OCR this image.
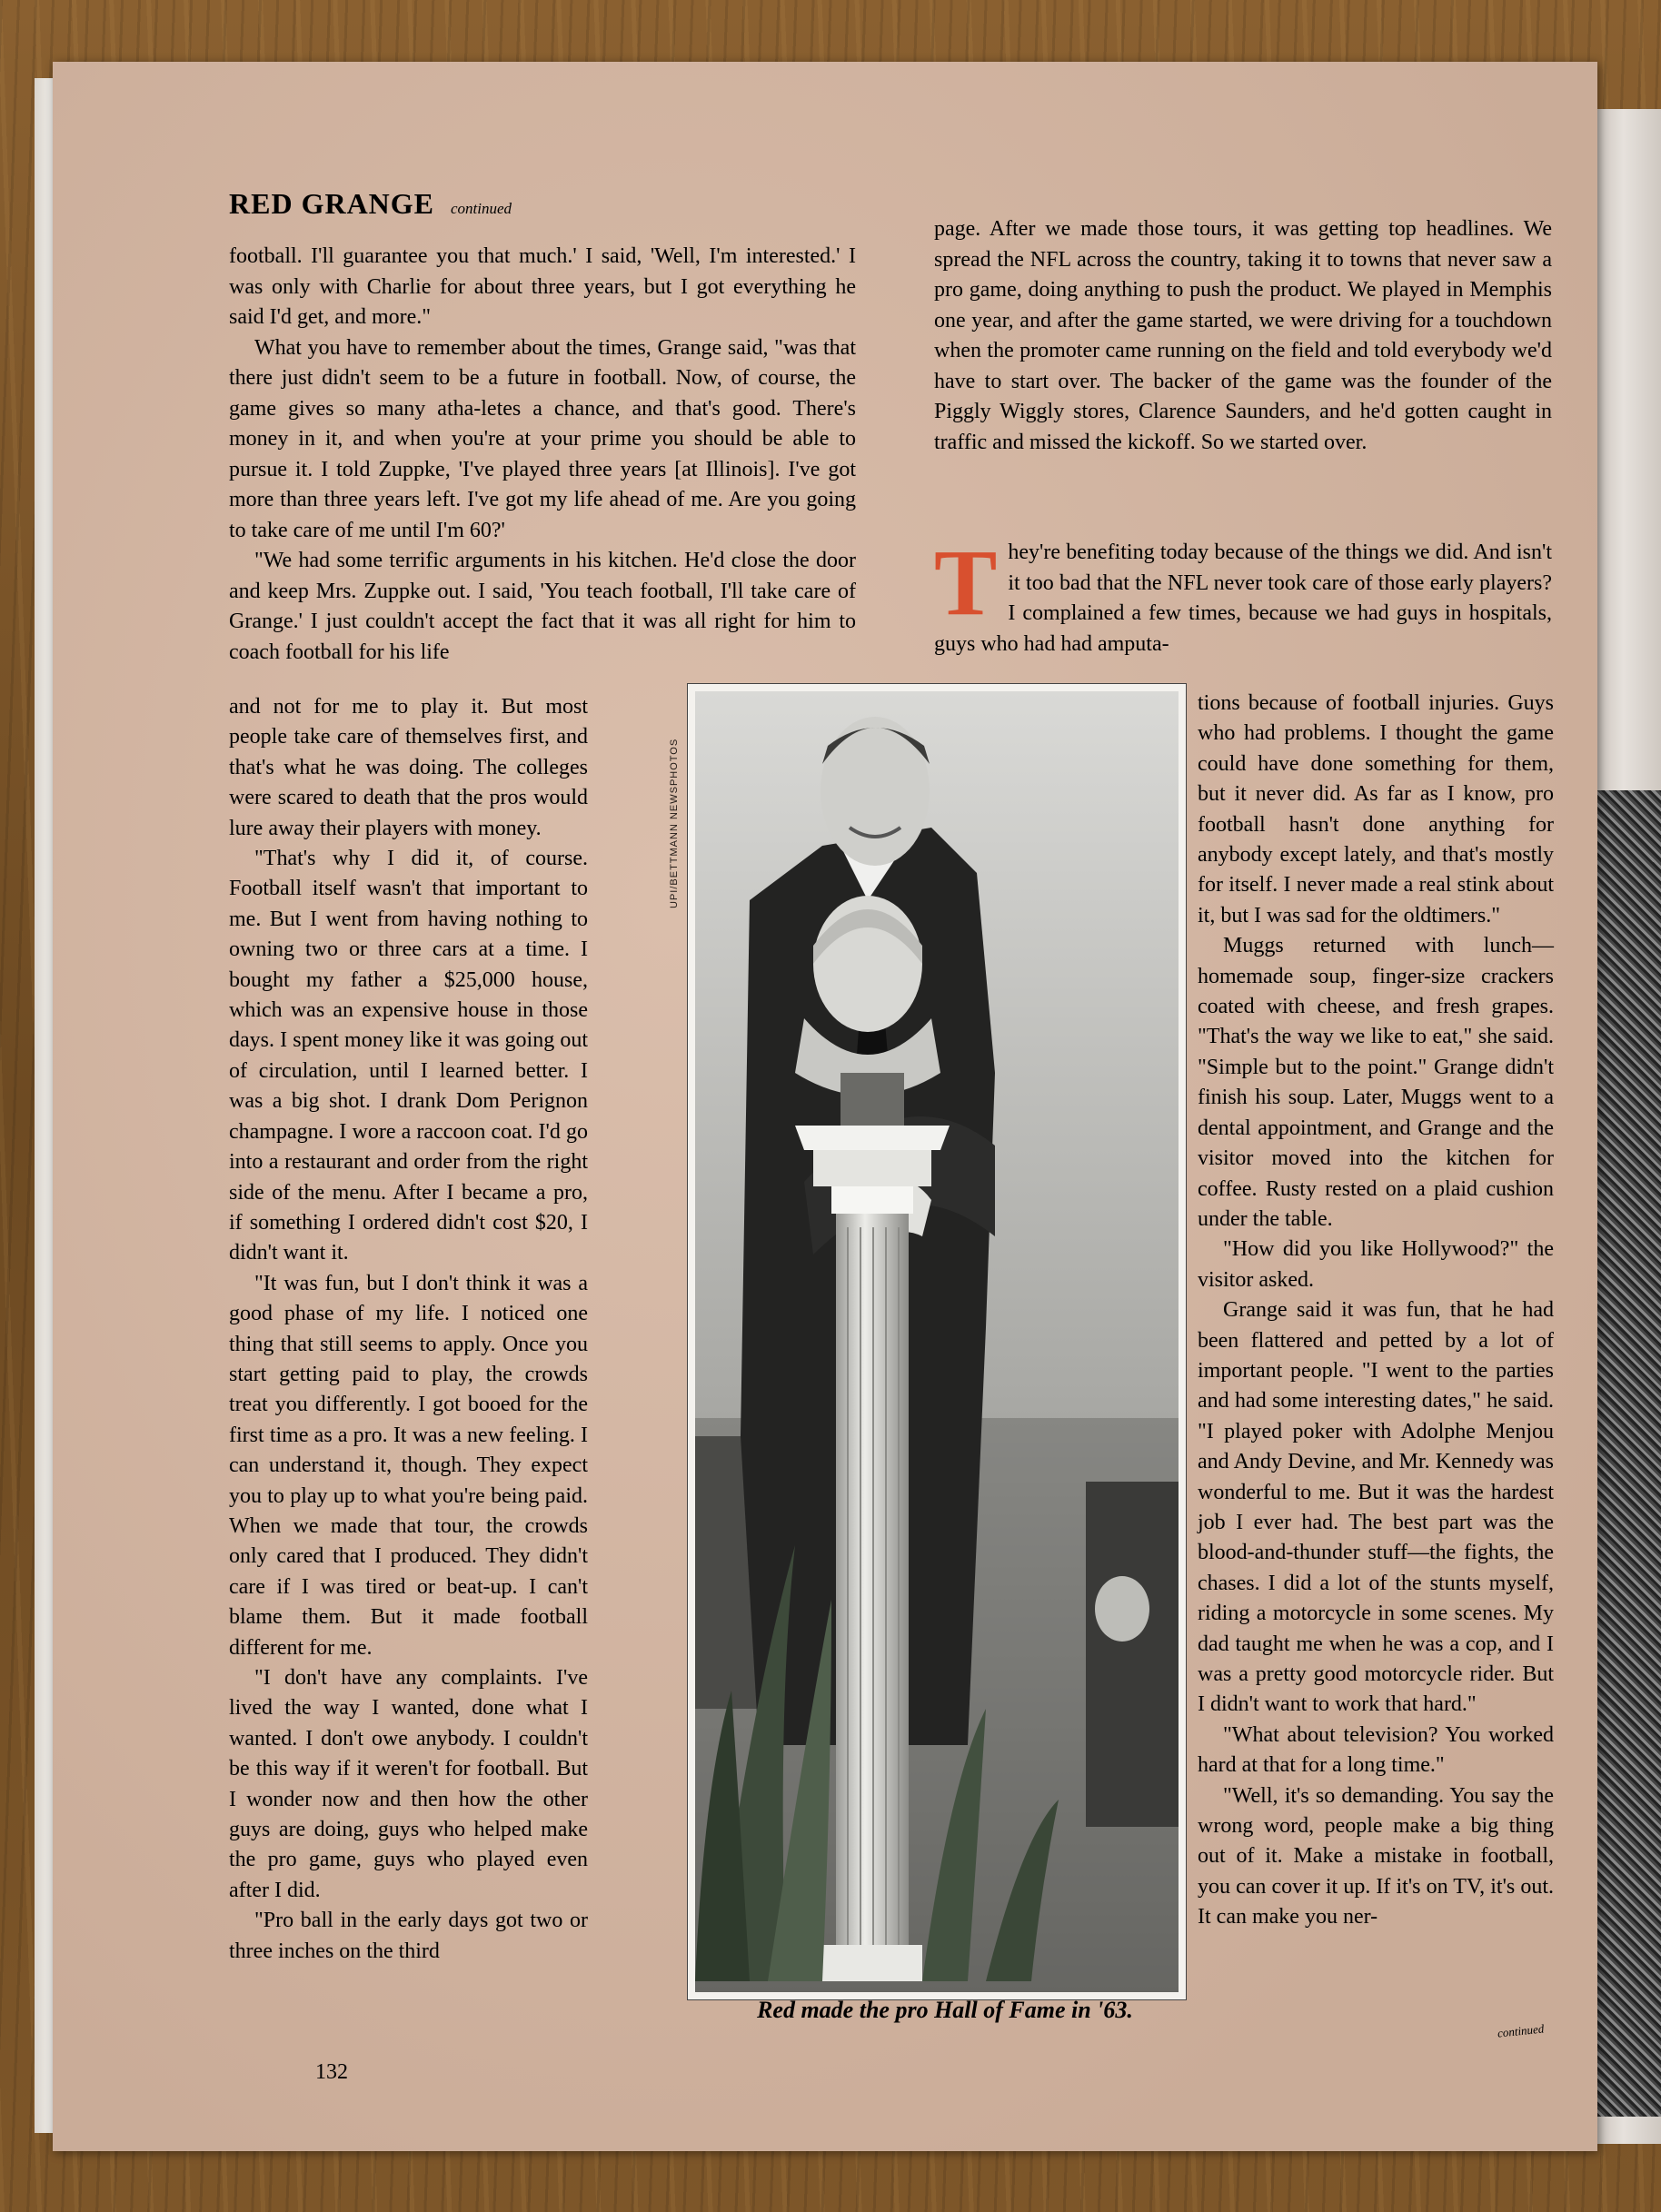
RED GRANGE continued

football. I'll guarantee you that much.' I said, 'Well, I'm interested.' I was only with Charlie for about three years, but I got everything he said I'd get, and more."

What you have to remember about the times, Grange said, "was that there just didn't seem to be a future in football. Now, of course, the game gives so many atha-letes a chance, and that's good. There's money in it, and when you're at your prime you should be able to pursue it. I told Zuppke, 'I've played three years [at Illinois]. I've got more than three years left. I've got my life ahead of me. Are you going to take care of me until I'm 60?'

"We had some terrific arguments in his kitchen. He'd close the door and keep Mrs. Zuppke out. I said, 'You teach football, I'll take care of Grange.' I just couldn't accept the fact that it was all right for him to coach football for his life

and not for me to play it. But most people take care of themselves first, and that's what he was doing. The colleges were scared to death that the pros would lure away their players with money.

"That's why I did it, of course. Football itself wasn't that important to me. But I went from having nothing to owning two or three cars at a time. I bought my father a $25,000 house, which was an expensive house in those days. I spent money like it was going out of circulation, until I learned better. I was a big shot. I drank Dom Perignon champagne. I wore a raccoon coat. I'd go into a restaurant and order from the right side of the menu. After I became a pro, if something I ordered didn't cost $20, I didn't want it.

"It was fun, but I don't think it was a good phase of my life. I noticed one thing that still seems to apply. Once you start getting paid to play, the crowds treat you differently. I got booed for the first time as a pro. It was a new feeling. I can understand it, though. They expect you to play up to what you're being paid. When we made that tour, the crowds only cared that I produced. They didn't care if I was tired or beat-up. I can't blame them. But it made football different for me.

"I don't have any complaints. I've lived the way I wanted, done what I wanted. I don't owe anybody. I couldn't be this way if it weren't for football. But I wonder now and then how the other guys are doing, guys who helped make the pro game, guys who played even after I did.

"Pro ball in the early days got two or three inches on the third

page. After we made those tours, it was getting top headlines. We spread the NFL across the country, taking it to towns that never saw a pro game, doing anything to push the product. We played in Memphis one year, and after the game started, we were driving for a touchdown when the promoter came running on the field and told everybody we'd have to start over. The backer of the game was the founder of the Piggly Wiggly stores, Clarence Saunders, and he'd gotten caught in traffic and missed the kickoff. So we started over.

T hey're benefiting today because of the things we did. And isn't it too bad that the NFL never took care of those early players? I complained a few times, because we had guys in hospitals, guys who had had amputa-

tions because of football injuries. Guys who had problems. I thought the game could have done something for them, but it never did. As far as I know, pro football hasn't done anything for anybody except lately, and that's mostly for itself. I never made a real stink about it, but I was sad for the oldtimers."

Muggs returned with lunch—homemade soup, finger-size crackers coated with cheese, and fresh grapes. "That's the way we like to eat," she said. "Simple but to the point." Grange didn't finish his soup. Later, Muggs went to a dental appointment, and Grange and the visitor moved into the kitchen for coffee. Rusty rested on a plaid cushion under the table.

"How did you like Hollywood?" the visitor asked.

Grange said it was fun, that he had been flattered and petted by a lot of important people. "I went to the parties and had some interesting dates," he said. "I played poker with Adolphe Menjou and Andy Devine, and Mr. Kennedy was wonderful to me. But it was the hardest job I ever had. The best part was the blood-and-thunder stuff—the fights, the chases. I did a lot of the stunts myself, riding a motorcycle in some scenes. My dad taught me when he was a cop, and I was a pretty good motorcycle rider. But I didn't want to work that hard."

"What about television? You worked hard at that for a long time."

"Well, it's so demanding. You say the wrong word, people make a big thing out of it. Make a mistake in football, you can cover it up. If it's on TV, it's out. It can make you ner-

UPI/BETTMANN NEWSPHOTOS
Red made the pro Hall of Fame in '63.
continued
132
